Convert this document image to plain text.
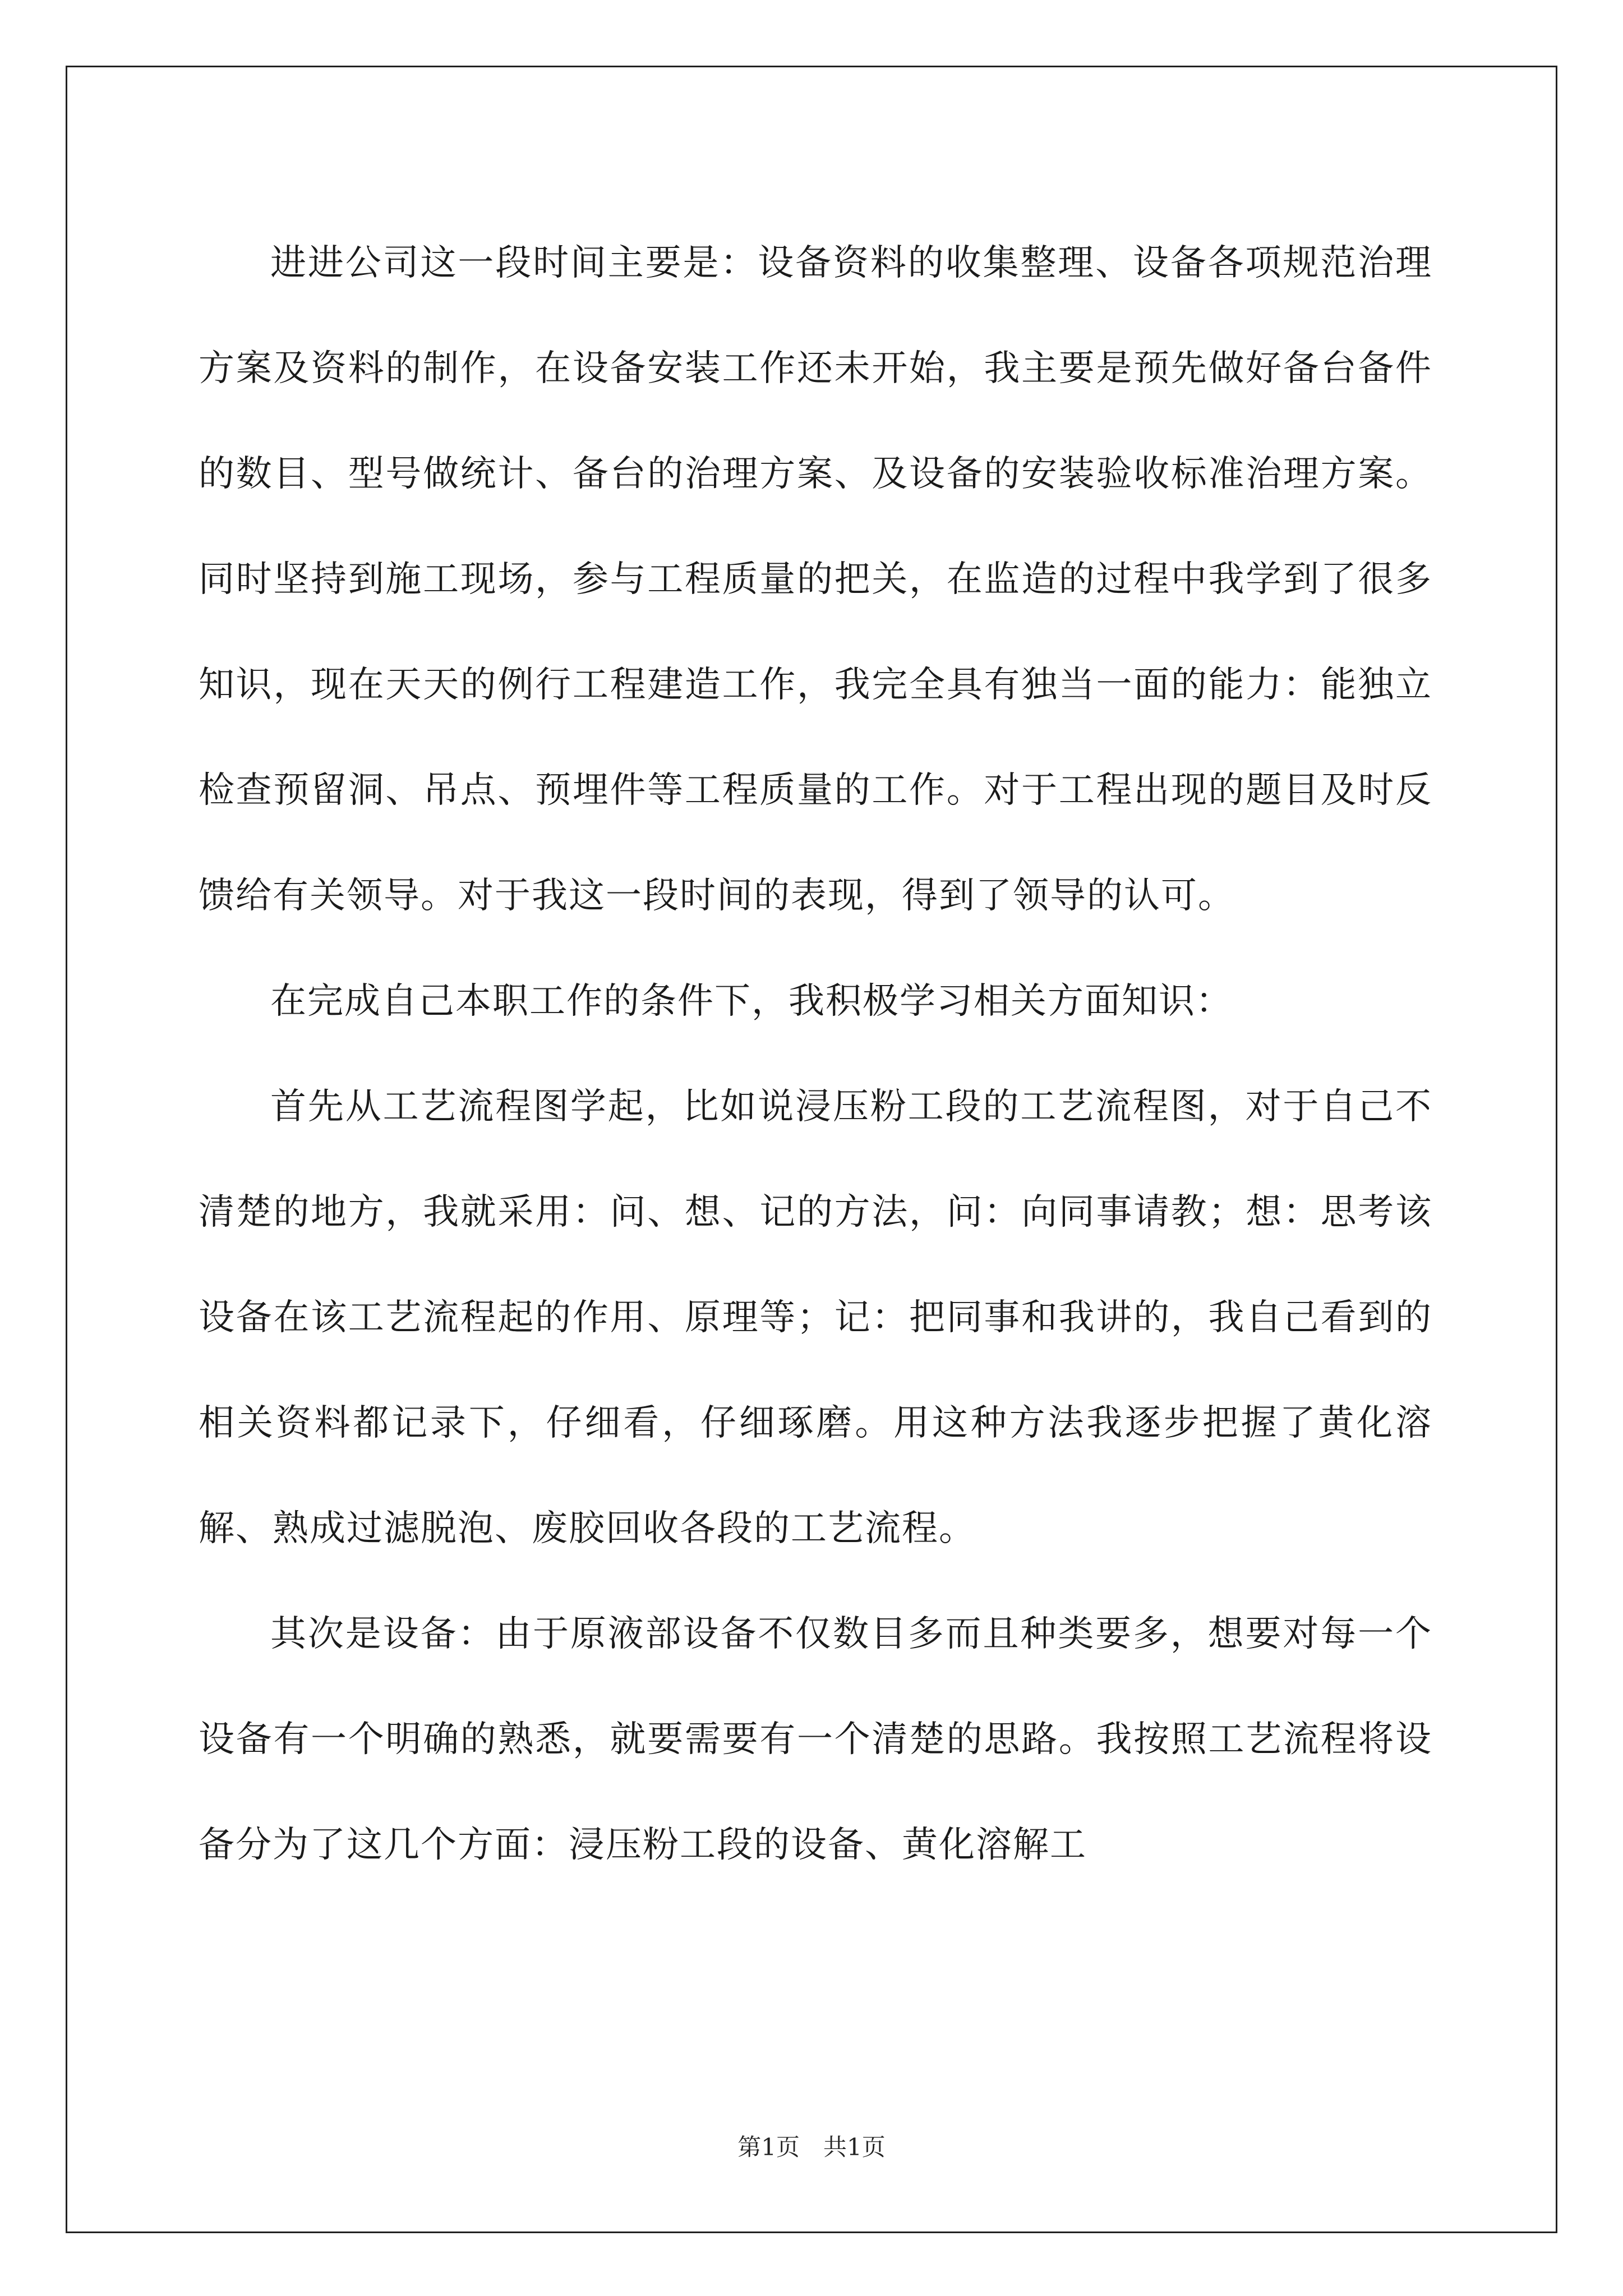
进进公司这一段时间主要是：设备资料的收集整理、设备各项规范治理方案及资料的制作，在设备安装工作还未开始，我主要是预先做好备台备件的数目、型号做统计、备台的治理方案、及设备的安装验收标准治理方案。同时坚持到施工现场，参与工程质量的把关，在监造的过程中我学到了很多知识，现在天天的例行工程建造工作，我完全具有独当一面的能力：能独立检查预留洞、吊点、预埋件等工程质量的工作。对于工程出现的题目及时反馈给有关领导。对于我这一段时间的表现，得到了领导的认可。

在完成自己本职工作的条件下，我积极学习相关方面知识：

首先从工艺流程图学起，比如说浸压粉工段的工艺流程图，对于自己不清楚的地方，我就采用：问、想、记的方法，问：向同事请教；想：思考该设备在该工艺流程起的作用、原理等；记：把同事和我讲的，我自己看到的相关资料都记录下，仔细看，仔细琢磨。用这种方法我逐步把握了黄化溶解、熟成过滤脱泡、废胶回收各段的工艺流程。

其次是设备：由于原液部设备不仅数目多而且种类要多，想要对每一个设备有一个明确的熟悉，就要需要有一个清楚的思路。我按照工艺流程将设备分为了这几个方面：浸压粉工段的设备、黄化溶解工

第1页　共1页
